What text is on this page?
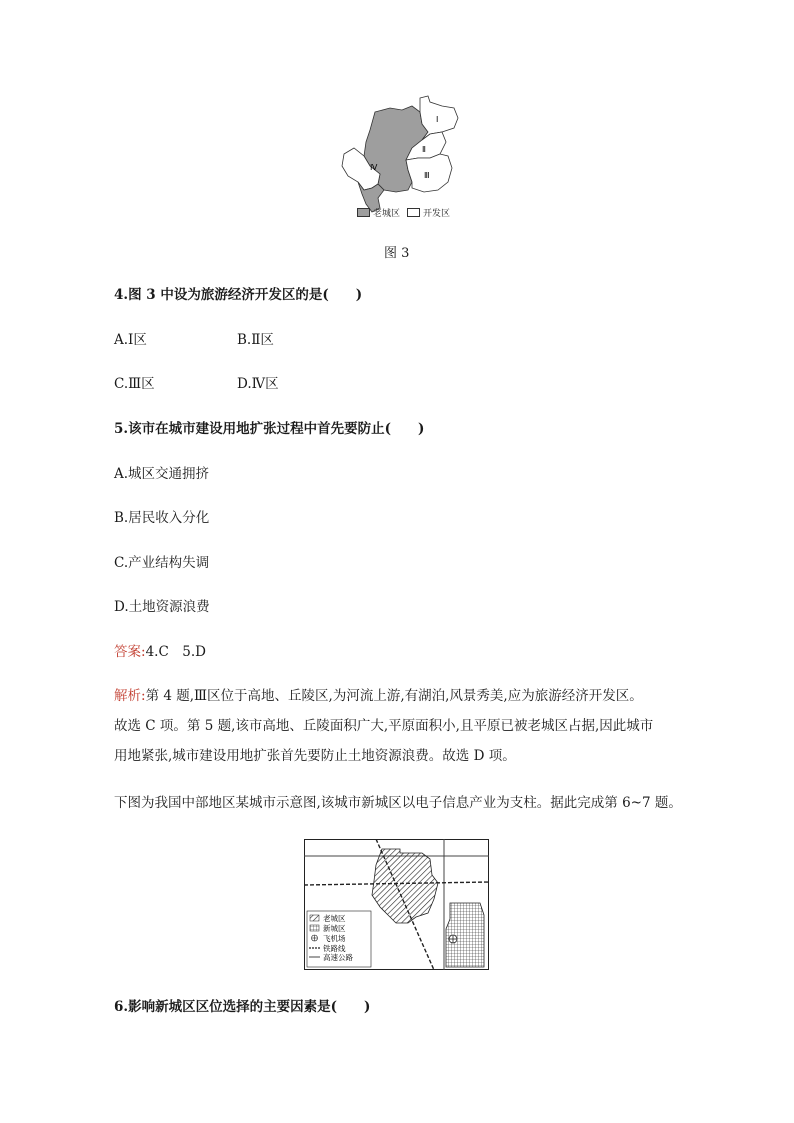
Ⅰ
Ⅱ
Ⅲ
Ⅳ
老城区	开发区
图 3
4.图 3 中设为旅游经济开发区的是(　　)
A.Ⅰ区	B.Ⅱ区
C.Ⅲ区	D.Ⅳ区
5.该市在城市建设用地扩张过程中首先要防止(　　)
A.城区交通拥挤
B.居民收入分化
C.产业结构失调
D.土地资源浪费
答案:4.C　5.D
解析:第 4 题,Ⅲ区位于高地、丘陵区,为河流上游,有湖泊,风景秀美,应为旅游经济开发区。
故选 C 项。第 5 题,该市高地、丘陵面积广大,平原面积小,且平原已被老城区占据,因此城市
用地紧张,城市建设用地扩张首先要防止土地资源浪费。故选 D 项。
下图为我国中部地区某城市示意图,该城市新城区以电子信息产业为支柱。据此完成第 6~7 题。
老城区
新城区
飞机场
铁路线
高速公路
6.影响新城区区位选择的主要因素是(　　)
